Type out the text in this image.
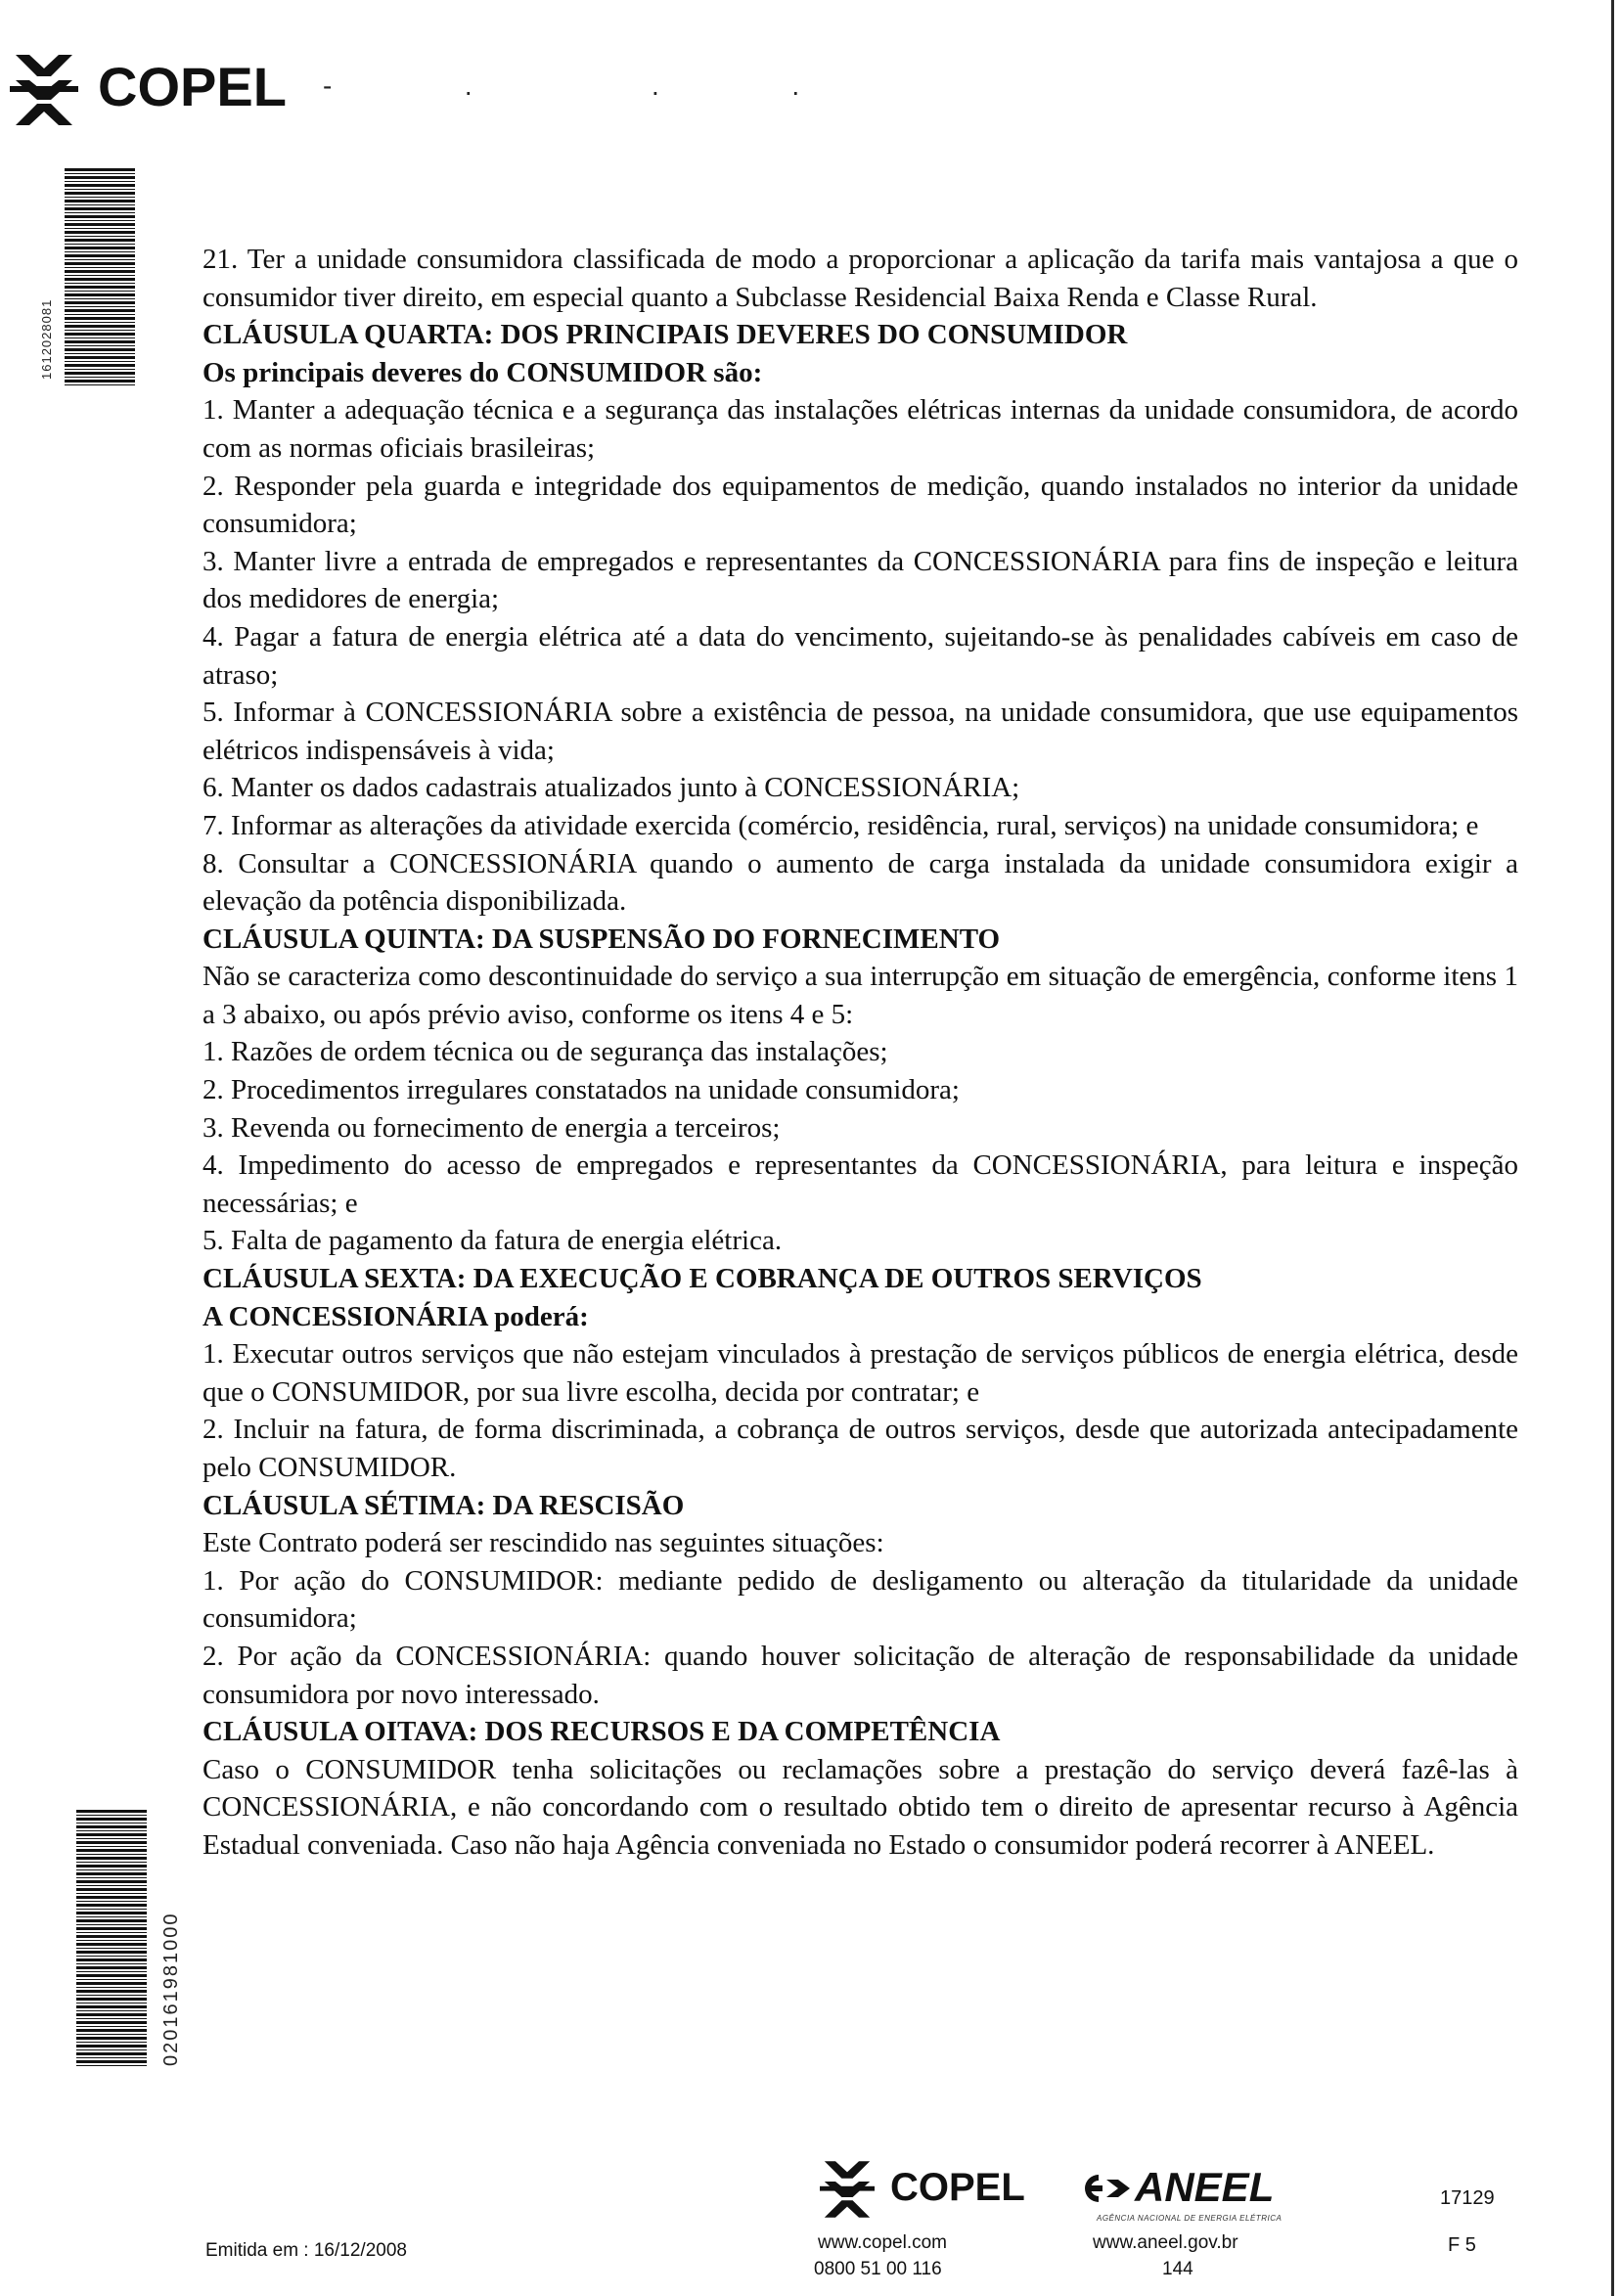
COPEL -  .   .  .
1612028081
020161981000

21. Ter a unidade consumidora classificada de modo a proporcionar a aplicação da tarifa mais vantajosa a que o consumidor tiver direito, em especial quanto a Subclasse Residencial Baixa Renda e Classe Rural.

CLÁUSULA QUARTA: DOS PRINCIPAIS DEVERES DO CONSUMIDOR

Os principais deveres do CONSUMIDOR são:

1. Manter a adequação técnica e a segurança das instalações elétricas internas da unidade consumidora, de acordo com as normas oficiais brasileiras;

2. Responder pela guarda e integridade dos equipamentos de medição, quando instalados no interior da unidade consumidora;

3. Manter livre a entrada de empregados e representantes da CONCESSIONÁRIA para fins de inspeção e leitura dos medidores de energia;

4. Pagar a fatura de energia elétrica até a data do vencimento, sujeitando-se às penalidades cabíveis em caso de atraso;

5. Informar à CONCESSIONÁRIA sobre a existência de pessoa, na unidade consumidora, que use equipamentos elétricos indispensáveis à vida;

6. Manter os dados cadastrais atualizados junto à CONCESSIONÁRIA;

7. Informar as alterações da atividade exercida (comércio, residência, rural, serviços) na unidade consumidora; e

8. Consultar a CONCESSIONÁRIA quando o aumento de carga instalada da unidade consumidora exigir a elevação da potência disponibilizada.

CLÁUSULA QUINTA: DA SUSPENSÃO DO FORNECIMENTO

Não se caracteriza como descontinuidade do serviço a sua interrupção em situação de emergência, conforme itens 1 a 3 abaixo, ou após prévio aviso, conforme os itens 4 e 5:

1. Razões de ordem técnica ou de segurança das instalações;

2. Procedimentos irregulares constatados na unidade consumidora;

3. Revenda ou fornecimento de energia a terceiros;

4. Impedimento do acesso de empregados e representantes da CONCESSIONÁRIA, para leitura e inspeção necessárias; e

5. Falta de pagamento da fatura de energia elétrica.

CLÁUSULA SEXTA: DA EXECUÇÃO E COBRANÇA DE OUTROS SERVIÇOS

A CONCESSIONÁRIA poderá:

1. Executar outros serviços que não estejam vinculados à prestação de serviços públicos de energia elétrica, desde que o CONSUMIDOR, por sua livre escolha, decida por contratar; e

2. Incluir na fatura, de forma discriminada, a cobrança de outros serviços, desde que autorizada antecipadamente pelo CONSUMIDOR.

CLÁUSULA SÉTIMA: DA RESCISÃO

Este Contrato poderá ser rescindido nas seguintes situações:

1. Por ação do CONSUMIDOR: mediante pedido de desligamento ou alteração da titularidade da unidade consumidora;

2. Por ação da CONCESSIONÁRIA: quando houver solicitação de alteração de responsabilidade da unidade consumidora por novo interessado.

CLÁUSULA OITAVA: DOS RECURSOS E DA COMPETÊNCIA

Caso o CONSUMIDOR tenha solicitações ou reclamações sobre a prestação do serviço deverá fazê-las à CONCESSIONÁRIA, e não concordando com o resultado obtido tem o direito de apresentar recurso à Agência Estadual conveniada. Caso não haja Agência conveniada no Estado o consumidor poderá recorrer à ANEEL.

Emitida em : 16/12/2008
COPEL
www.copel.com
0800 51 00 116
ANEEL
AGÊNCIA NACIONAL DE ENERGIA ELÉTRICA
www.aneel.gov.br
144
17129
F 5
